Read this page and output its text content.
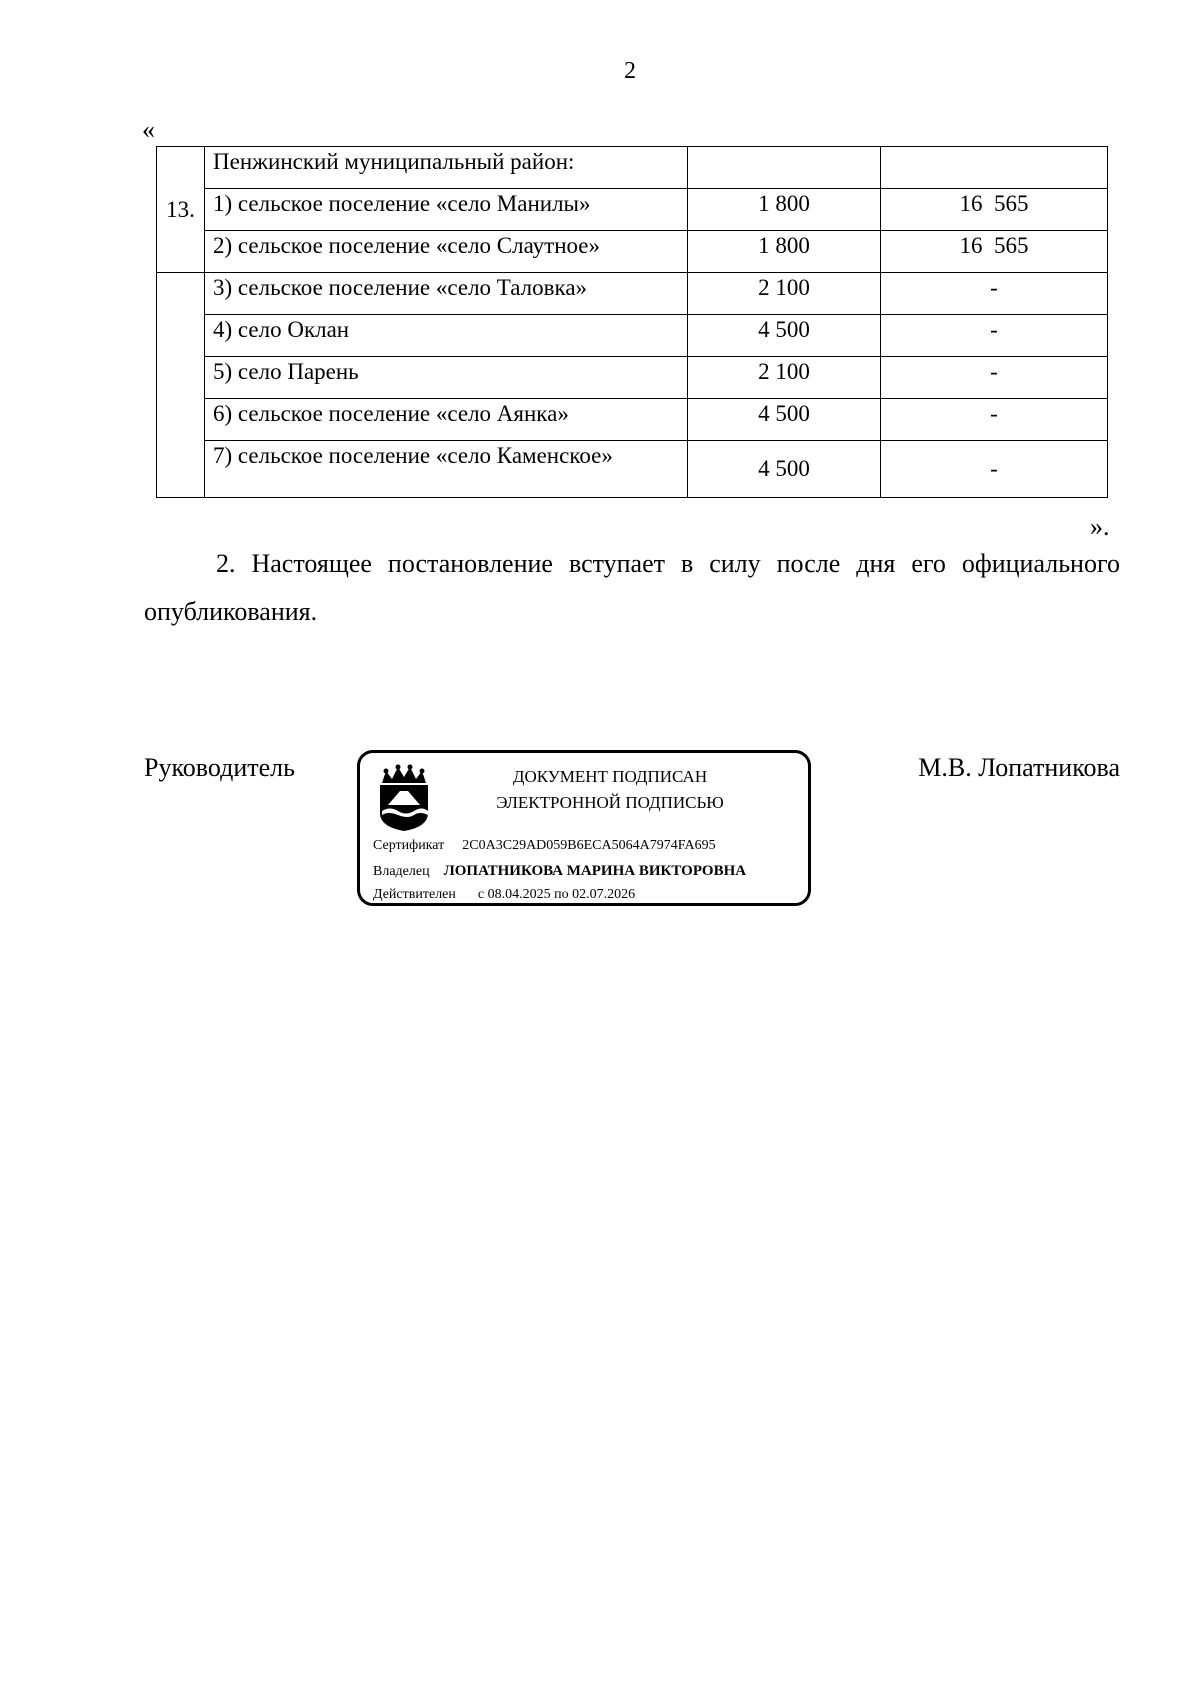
2
«
13.	Пенжинский муниципальный район:		
	1) сельское поселение «село Манилы»	1 800	16  565
	2) сельское поселение «село Слаутное»	1 800	16  565
	3) сельское поселение «село Таловка»	2 100	-
	4) село Оклан	4 500	-
	5) село Парень	2 100	-
	6) сельское поселение «село Аянка»	4 500	-
	7) сельское поселение «село Каменское»	4 500	-
».
2. Настоящее постановление вступает в силу после дня его официального опубликования.
Руководитель	ДОКУМЕНТ ПОДПИСАН
ЭЛЕКТРОННОЙ ПОДПИСЬЮ
Сертификат 2C0A3C29AD059B6ECA5064A7974FA695
Владелец ЛОПАТНИКОВА МАРИНА ВИКТОРОВНА
Действителен с 08.04.2025 по 02.07.2026
М.В. Лопатникова
